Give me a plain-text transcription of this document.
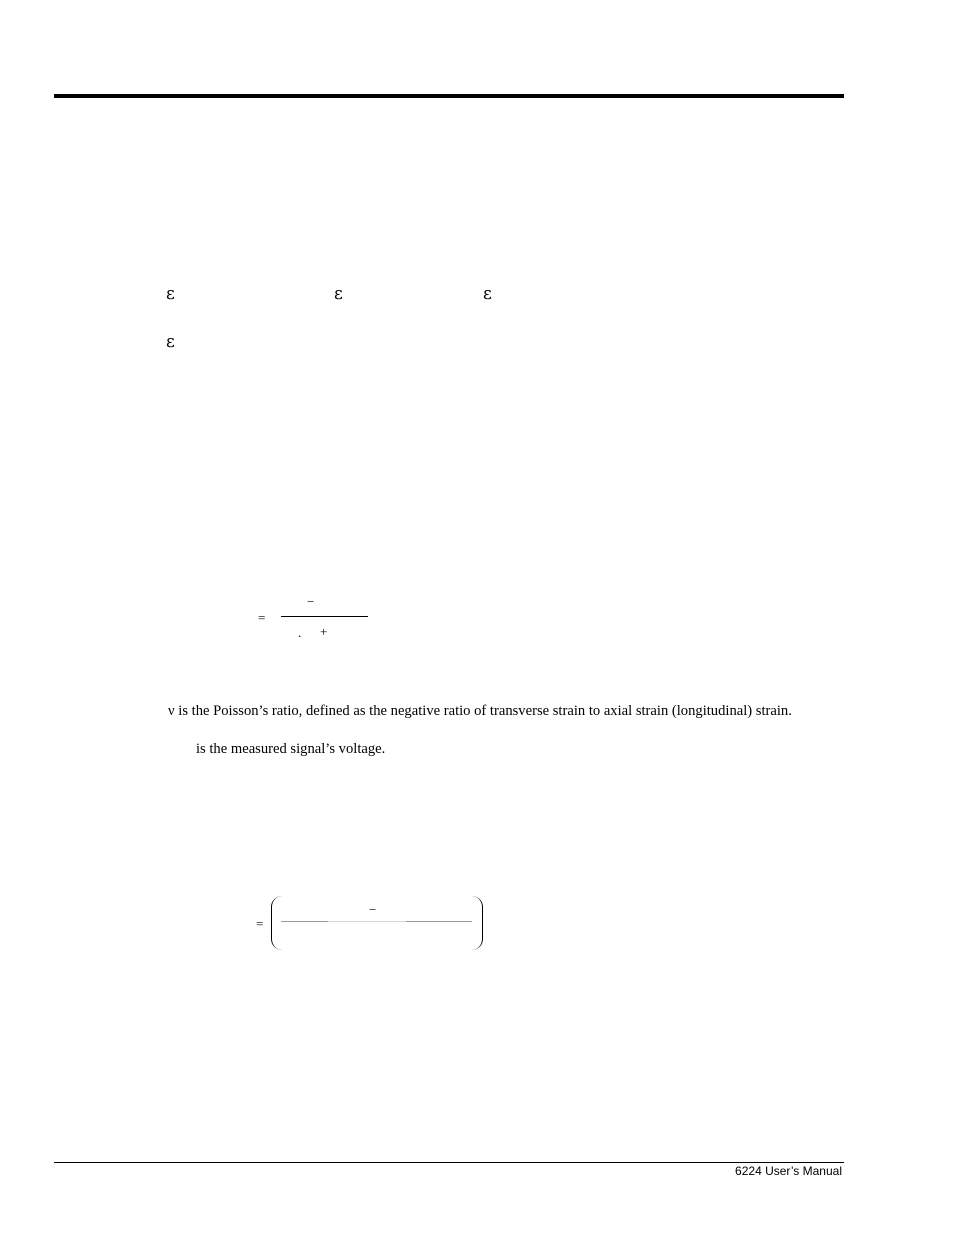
ε	ε	ε
ε
=
−
. +

ν is the Poisson’s ratio, defined as the negative ratio of transverse strain to axial strain (longitudinal) strain.

is the measured signal’s voltage.

=
−
6224 User’s Manual
